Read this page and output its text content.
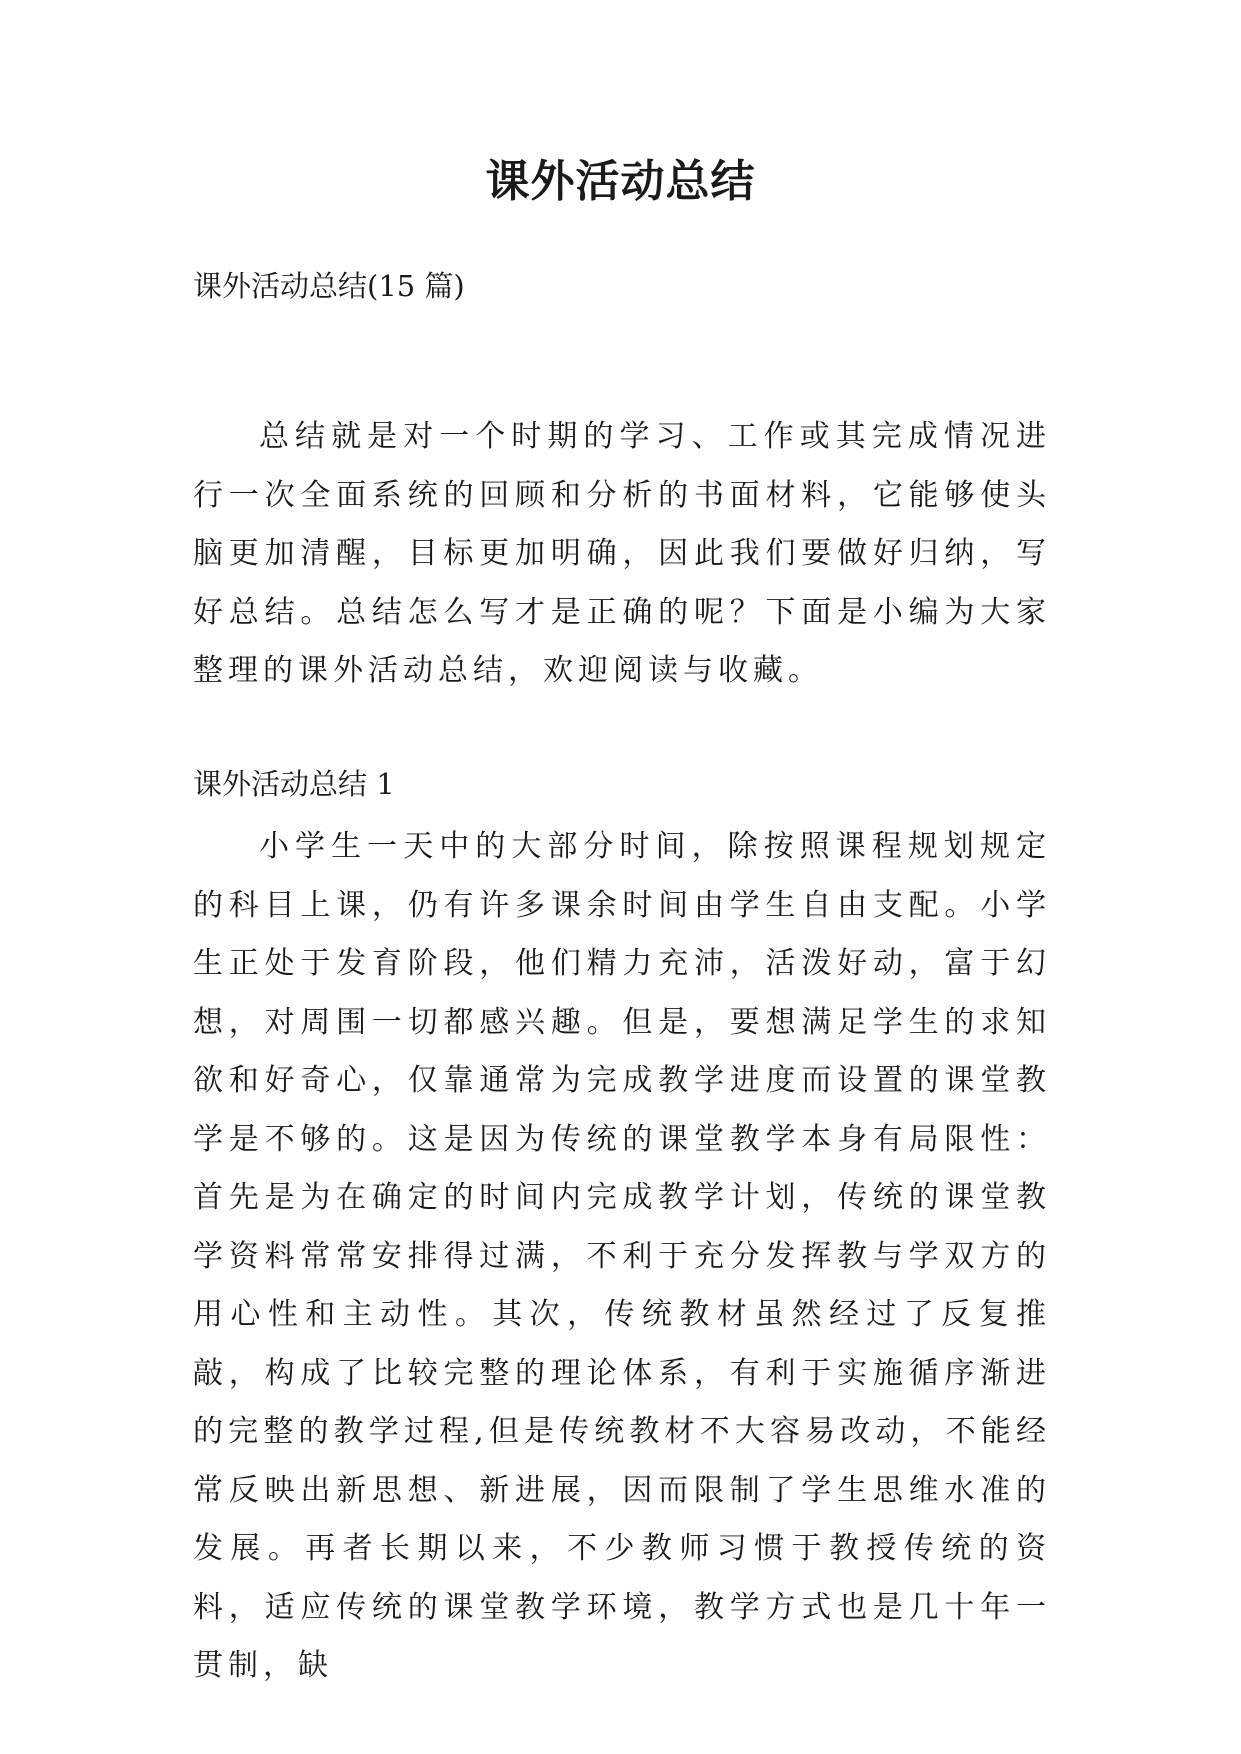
课外活动总结

课外活动总结(15 篇)

总结就是对一个时期的学习、工作或其完成情况进行一次全面系统的回顾和分析的书面材料，它能够使头脑更加清醒，目标更加明确，因此我们要做好归纳，写好总结。总结怎么写才是正确的呢？下面是小编为大家整理的课外活动总结，欢迎阅读与收藏。

课外活动总结 1

小学生一天中的大部分时间，除按照课程规划规定的科目上课，仍有许多课余时间由学生自由支配。小学生正处于发育阶段，他们精力充沛，活泼好动，富于幻想，对周围一切都感兴趣。但是，要想满足学生的求知欲和好奇心，仅靠通常为完成教学进度而设置的课堂教学是不够的。这是因为传统的课堂教学本身有局限性：首先是为在确定的时间内完成教学计划，传统的课堂教学资料常常安排得过满，不利于充分发挥教与学双方的用心性和主动性。其次，传统教材虽然经过了反复推敲，构成了比较完整的理论体系，有利于实施循序渐进的完整的教学过程,但是传统教材不大容易改动，不能经常反映出新思想、新进展，因而限制了学生思维水准的发展。再者长期以来，不少教师习惯于教授传统的资料，适应传统的课堂教学环境，教学方式也是几十年一贯制，缺
